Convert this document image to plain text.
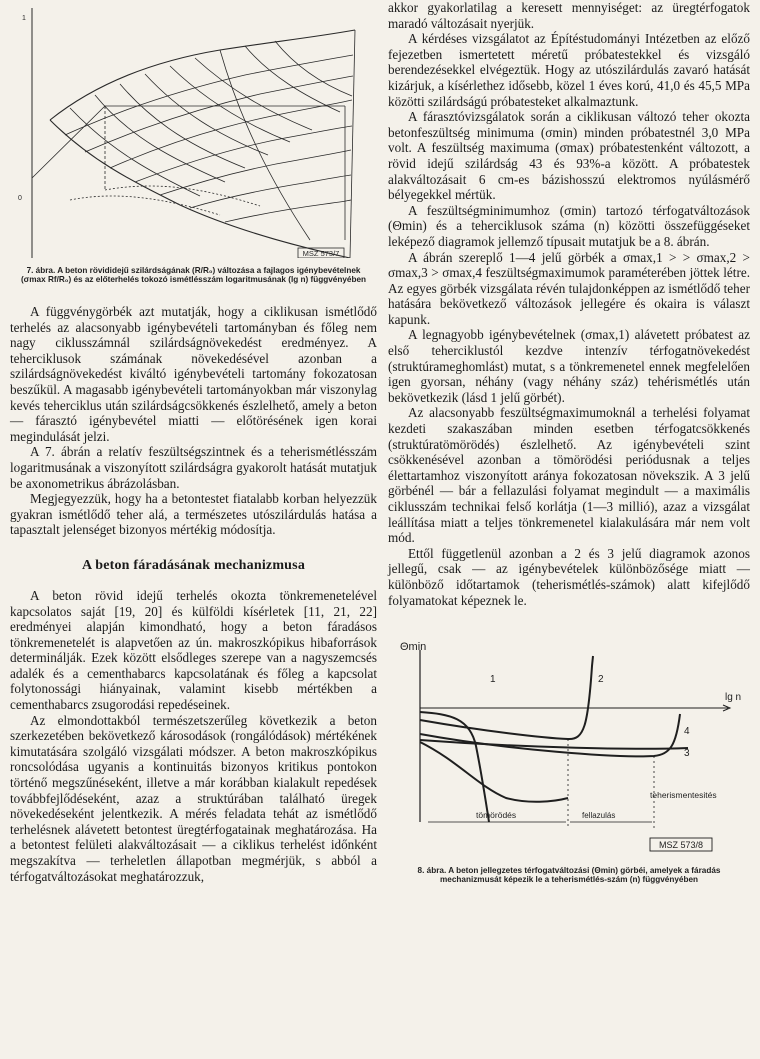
1
0
MSZ 573/7
7. ábra. A beton rövididejű szilárdságának (R/R₀) változása a fajlagos igénybevételnek (σmax Rf/R₀) és az előterhelés tokozó ismétlésszám logaritmusának (lg n) függvényében

A függvénygörbék azt mutatják, hogy a ciklikusan ismétlődő terhelés az alacsonyabb igénybevételi tartományban és főleg nem nagy ciklusszámnál szilárdságnövekedést eredményez. A teherciklusok számának növekedésével azonban a szilárdságnövekedést kiváltó igénybevételi tartomány fokozatosan beszűkül. A magasabb igénybevételi tartományokban már viszonylag kevés teherciklus után szilárdságcsökkenés észlelhető, amely a beton — fárasztó igénybevétel miatti — előtörésének igen korai megindulását jelzi.

A 7. ábrán a relatív feszültségszintnek és a teherismétlésszám logaritmusának a viszonyított szilárdságra gyakorolt hatását mutatjuk be axonometrikus ábrázolásban.

Megjegyezzük, hogy ha a betontestet fiatalabb korban helyezzük gyakran ismétlődő teher alá, a természetes utószilárdulás hatása a tapasztalt jelenséget bizonyos mértékig módosítja.

A beton fáradásának mechanizmusa

A beton rövid idejű terhelés okozta tönkremenetelével kapcsolatos saját [19, 20] és külföldi kísérletek [11, 21, 22] eredményei alapján kimondható, hogy a beton fáradásos tönkremenetelét is alapvetően az ún. makroszkópikus hibaforrások determinálják. Ezek között elsődleges szerepe van a nagyszemcsés adalék és a cementhabarcs kapcsolatának és főleg a kapcsolat folytonossági hiányainak, valamint kisebb mértékben a cementhabarcs zsugorodási repedéseinek.

Az elmondottakból természetszerűleg következik a beton szerkezetében bekövetkező károsodások (rongálódások) mértékének kimutatására szolgáló vizsgálati módszer. A beton makroszkópikus roncsolódása ugyanis a kontinuitás bizonyos kritikus pontokon történő megszűnéseként, illetve a már korábban kialakult repedések továbbfejlődéseként, azaz a struktúrában található üregek növekedéseként jelentkezik. A mérés feladata tehát az ismétlődő terhelésnek alávetett betontest üregtérfogatainak meghatározása. Ha a betontest felületi alakváltozásait — a ciklikus terhelést időnként megszakítva — terheletlen állapotban megmérjük, s abból a térfogatváltozásokat meghatározzuk,

akkor gyakorlatilag a keresett mennyiséget: az üregtérfogatok maradó változásait nyerjük.

A kérdéses vizsgálatot az Építéstudományi Intézetben az előző fejezetben ismertetett méretű próbatestekkel és vizsgáló berendezésekkel elvégeztük. Hogy az utószilárdulás zavaró hatását kizárjuk, a kísérlethez idősebb, közel 1 éves korú, 41,0 és 45,5 MPa közötti szilárdságú próbatesteket alkalmaztunk.

A fárasztóvizsgálatok során a ciklikusan változó teher okozta betonfeszültség minimuma (σmin) minden próbatestnél 3,0 MPa volt. A feszültség maximuma (σmax) próbatestenként változott, a rövid idejű szilárdság 43 és 93%-a között. A próbatestek alakváltozásait 6 cm-es bázishosszú elektromos nyúlásmérő bélyegekkel mértük.

A feszültségminimumhoz (σmin) tartozó térfogatváltozások (Θmin) és a teherciklusok száma (n) közötti összefüggéseket leképező diagramok jellemző típusait mutatjuk be a 8. ábrán.

A ábrán szereplő 1—4 jelű görbék a σmax,1 > > σmax,2 > σmax,3 > σmax,4 feszültségmaximumok paraméterében jöttek létre. Az egyes görbék vizsgálata révén tulajdonképpen az ismétlődő teher hatására bekövetkező változások jellegére és okaira is választ kapunk.

A legnagyobb igénybevételnek (σmax,1) alávetett próbatest az első teherciklustól kezdve intenzív térfogatnövekedést (struktúrameghomlást) mutat, s a tönkremenetel ennek megfelelően igen gyorsan, néhány (vagy néhány száz) tehérismétlés után bekövetkezik (lásd 1 jelű görbét).

Az alacsonyabb feszültségmaximumoknál a terhelési folyamat kezdeti szakaszában minden esetben térfogatcsökkenés (struktúratömörödés) észlelhető. Az igénybevételi szint csökkenésével azonban a tömörödési periódusnak a teljes élettartamhoz viszonyított aránya fokozatosan növekszik. A 3 jelű görbénél — bár a fellazulási folyamat megindult — a maximális ciklusszám technikai felső korlátja (1—3 millió), azaz a vizsgálat leállítása miatt a teljes tönkremenetel kialakulására már nem volt mód.

Ettől függetlenül azonban a 2 és 3 jelű diagramok azonos jellegű, csak — az igénybevételek különbözősége miatt — különböző időtartamok (teherismétlés-számok) alatt kifejlődő folyamatokat képeznek le.

Θmin
lg n
1	2
3
4
tömörödés	fellazulás
teherismentesités
MSZ 573/8
8. ábra. A beton jellegzetes térfogatváltozási (Θmin) görbéi, amelyek a fáradás mechanizmusát képezik le a teherismétlés-szám (n) függvényében
